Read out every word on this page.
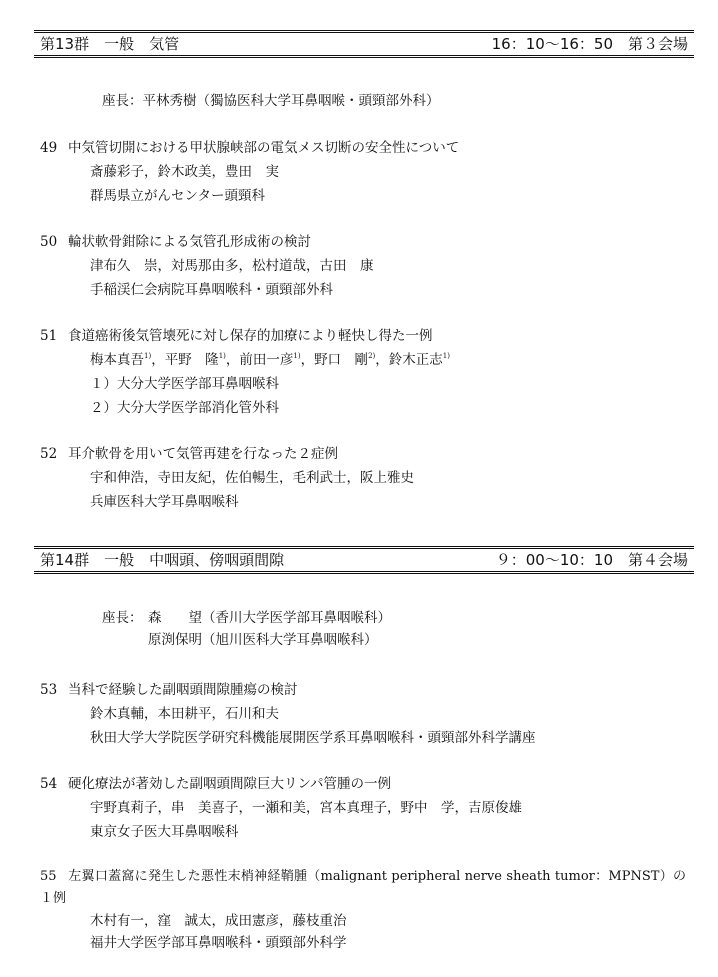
第13群　一般　気管	16：10〜16：50　第３会場
座長：平林秀樹（獨協医科大学耳鼻咽喉・頭頸部外科）
49 中気管切開における甲状腺峡部の電気メス切断の安全性について
斎藤彩子，鈴木政美，豊田　実
群馬県立がんセンター頭頸科
50 輪状軟骨鉗除による気管孔形成術の検討
津布久　崇，対馬那由多，松村道哉，古田　康
手稲渓仁会病院耳鼻咽喉科・頭頸部外科
51 食道癌術後気管壊死に対し保存的加療により軽快し得た一例
梅本真吾$^{1)}$，平野　隆$^{1)}$，前田一彦$^{1)}$，野口　剛$^{2)}$，鈴木正志$^{1)}$
１）大分大学医学部耳鼻咽喉科
２）大分大学医学部消化管外科
52 耳介軟骨を用いて気管再建を行なった２症例
宇和伸浩，寺田友紀，佐伯暢生，毛利武士，阪上雅史
兵庫医科大学耳鼻咽喉科
第14群　一般　中咽頭、傍咽頭間隙	９：00〜10：10　第４会場
座長： 森　　望（香川大学医学部耳鼻咽喉科）
原渕保明（旭川医科大学耳鼻咽喉科）
53 当科で経験した副咽頭間隙腫瘍の検討
鈴木真輔，本田耕平，石川和夫
秋田大学大学院医学研究科機能展開医学系耳鼻咽喉科・頭頸部外科学講座
54 硬化療法が著効した副咽頭間隙巨大リンパ管腫の一例
宇野真莉子，串　美喜子，一瀬和美，宮本真理子，野中　学，吉原俊雄
東京女子医大耳鼻咽喉科
55 左翼口蓋窩に発生した悪性末梢神経鞘腫（malignant peripheral nerve sheath tumor：MPNST）の１例
木村有一，窪　誠太，成田憲彦，藤枝重治
福井大学医学部耳鼻咽喉科・頭頸部外科学
